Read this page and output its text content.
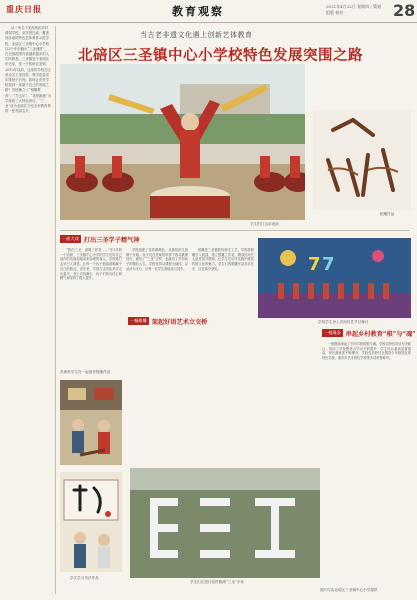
重庆日报	教育观察	2021年4月22日 星期四 / 策划 组版 校对	28

从一所名不见经传的乡村薄弱学校，到享誉巴渝、覆盖到各地的特色艺体教育示范学校，北碚区三圣镇中心小学校以3个年份跑出“三圣速度”，在全国范围内被越来越多的人们所熟悉。三圣镇处于北碚区东北部，是一个传统农业镇，2013年以前，这里的学校在区里也名不见经传，教学质量常年徘徊于后列。如何让乡村学校找到一条属于自己的发展之路？学校确立了“根雕教育”、“打击乐”、“花样跳绳”为学校的三大特色项目，“三圣”成为北碚区乃至全市教育界的一张亮丽名片。

当古老非遗文化遇上创新艺体教育
北碚区三圣镇中心小学校特色发展突围之路
学生的打击乐表演
根雕作品
一曲大戏 打出三圣学子精气神

“我们三圣，请喝三杯茶……”在3月的一个清晨，三圣镇中心小学的学生们用自己创作的乐曲迎接前来参观的客人。学校将打击乐引入课堂，让每一个孩子都能敲响属于自己的鼓点。近年来，学校打击乐队多次走出重庆，登上央视舞台，孩子们的自信心和精气神得到了极大提升。

学校组建了花样跳绳队，从最初的几根绳子开始，孩子们在老师的带领下练习跳绳技巧，跳出了“三圣”字样，也跳出了乡村孩子的精彩人生。学校坚持以课程为载体，以活动为平台，让每一位学生都能参与其中。

根雕是三圣镇的传统手工艺。学校将根雕引入校园，建立根雕工作室，聘请民间艺人担任指导教师，让学生在动手实践中感受传统文化的魅力。学生们的根雕作品多次在市、区比赛中获奖。	7 7
学校学生登上央视综艺节目舞台
一根绳条 串起乡村教育“根”与“魂”

一根绳条串起了乡村学校的根与魂。学校以特色项目为突破口，带动了学校整体办学水平的提升，学生综合素质显著提高，家长满意度不断攀升，学校先后获评全国青少年校园足球特色学校、重庆市艺术特色学校等多项荣誉称号。

一幅根雕 架起好语艺术立交桥
美術科学生在一起创作根雕作品
学生学习书法作品
学生们在进行花样跳绳“三圣”字体
图片均由北碚区三圣镇中心小学提供
